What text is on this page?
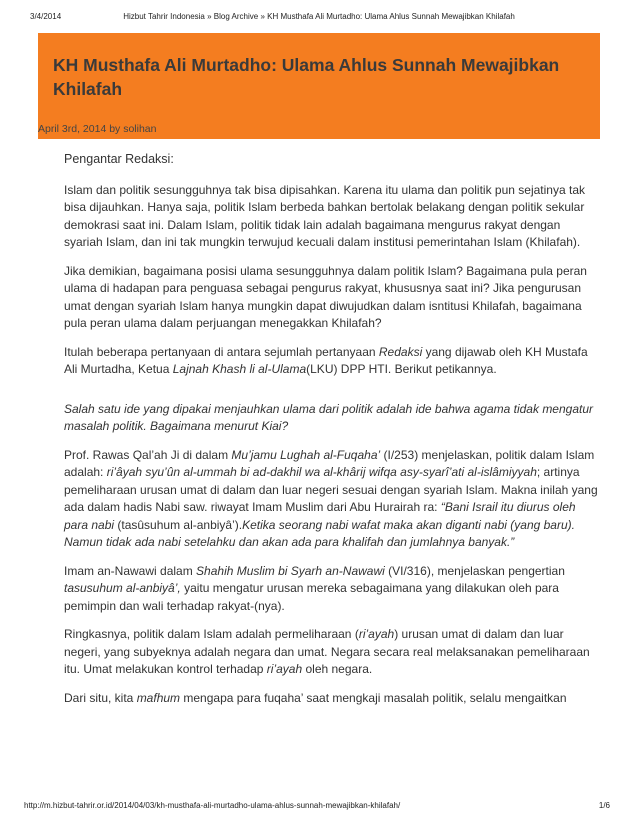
3/4/2014	Hizbut Tahrir Indonesia » Blog Archive » KH Musthafa Ali Murtadho: Ulama Ahlus Sunnah Mewajibkan Khilafah
KH Musthafa Ali Murtadho: Ulama Ahlus Sunnah Mewajibkan Khilafah
April 3rd, 2014 by solihan

Pengantar Redaksi:

Islam dan politik sesungguhnya tak bisa dipisahkan. Karena itu ulama dan politik pun sejatinya tak bisa dijauhkan. Hanya saja, politik Islam berbeda bahkan bertolak belakang dengan politik sekular demokrasi saat ini. Dalam Islam, politik tidak lain adalah bagaimana mengurus rakyat dengan syariah Islam, dan ini tak mungkin terwujud kecuali dalam institusi pemerintahan Islam (Khilafah).

Jika demikian, bagaimana posisi ulama sesungguhnya dalam politik Islam? Bagaimana pula peran ulama di hadapan para penguasa sebagai pengurus rakyat, khususnya saat ini? Jika pengurusan umat dengan syariah Islam hanya mungkin dapat diwujudkan dalam isntitusi Khilafah, bagaimana pula peran ulama dalam perjuangan menegakkan Khilafah?

Itulah beberapa pertanyaan di antara sejumlah pertanyaan Redaksi yang dijawab oleh KH Mustafa Ali Murtadha, Ketua Lajnah Khash li al-Ulama(LKU) DPP HTI. Berikut petikannya.

Salah satu ide yang dipakai menjauhkan ulama dari politik adalah ide bahwa agama tidak mengatur masalah politik. Bagaimana menurut Kiai?

Prof. Rawas Qal’ah Ji di dalam Mu’jamu Lughah al-Fuqaha’ (I/253) menjelaskan, politik dalam Islam adalah: ri’âyah syu’ûn al-ummah bi ad-dakhil wa al-khârij wifqa asy-syarî’ati al-islâmiyyah; artinya pemeliharaan urusan umat di dalam dan luar negeri sesuai dengan syariah Islam. Makna inilah yang ada dalam hadis Nabi saw. riwayat Imam Muslim dari Abu Hurairah ra: “Bani Israil itu diurus oleh para nabi (tasûsuhum al-anbiyâ’).Ketika seorang nabi wafat maka akan diganti nabi (yang baru). Namun tidak ada nabi setelahku dan akan ada para khalifah dan jumlahnya banyak.”

Imam an-Nawawi dalam Shahih Muslim bi Syarh an-Nawawi (VI/316), menjelaskan pengertian tasusuhum al-anbiyâ’, yaitu mengatur urusan mereka sebagaimana yang dilakukan oleh para pemimpin dan wali terhadap rakyat-(nya).

Ringkasnya, politik dalam Islam adalah permeliharaan (ri’ayah) urusan umat di dalam dan luar negeri, yang subyeknya adalah negara dan umat. Negara secara real melaksanakan pemeliharaan itu. Umat melakukan kontrol terhadap ri’ayah oleh negara.

Dari situ, kita mafhum mengapa para fuqaha’ saat mengkaji masalah politik, selalu mengaitkan

http://m.hizbut-tahrir.or.id/2014/04/03/kh-musthafa-ali-murtadho-ulama-ahlus-sunnah-mewajibkan-khilafah/	1/6
